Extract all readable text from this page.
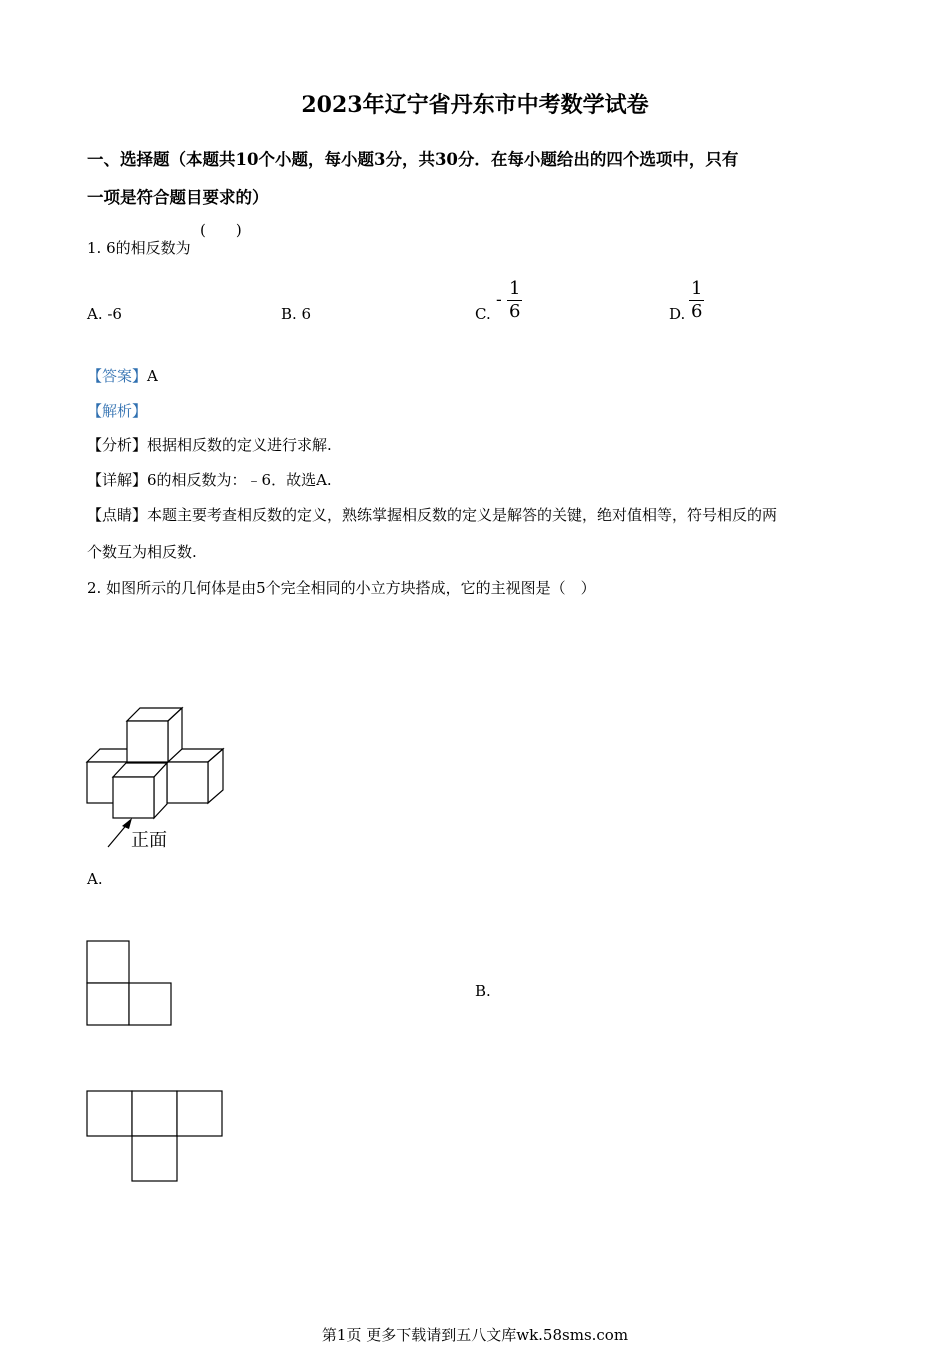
2023年辽宁省丹东市中考数学试卷
一、选择题（本题共10个小题，每小题3分，共30分．在每小题给出的四个选项中，只有
一项是符合题目要求的）
(　　)
1. 6的相反数为
A. -6	B. 6	C.
- $\frac{1}{6}$	D. $\frac{1}{6}$
【答案】A
【解析】
【分析】根据相反数的定义进行求解.
【详解】6的相反数为：﹣6．故选A.
【点睛】本题主要考查相反数的定义，熟练掌握相反数的定义是解答的关键，绝对值相等，符号相反的两
个数互为相反数.
2. 如图所示的几何体是由5个完全相同的小立方块搭成，它的主视图是（　）
正面
A.
B.
第1页 更多下载请到五八文库wk.58sms.com
